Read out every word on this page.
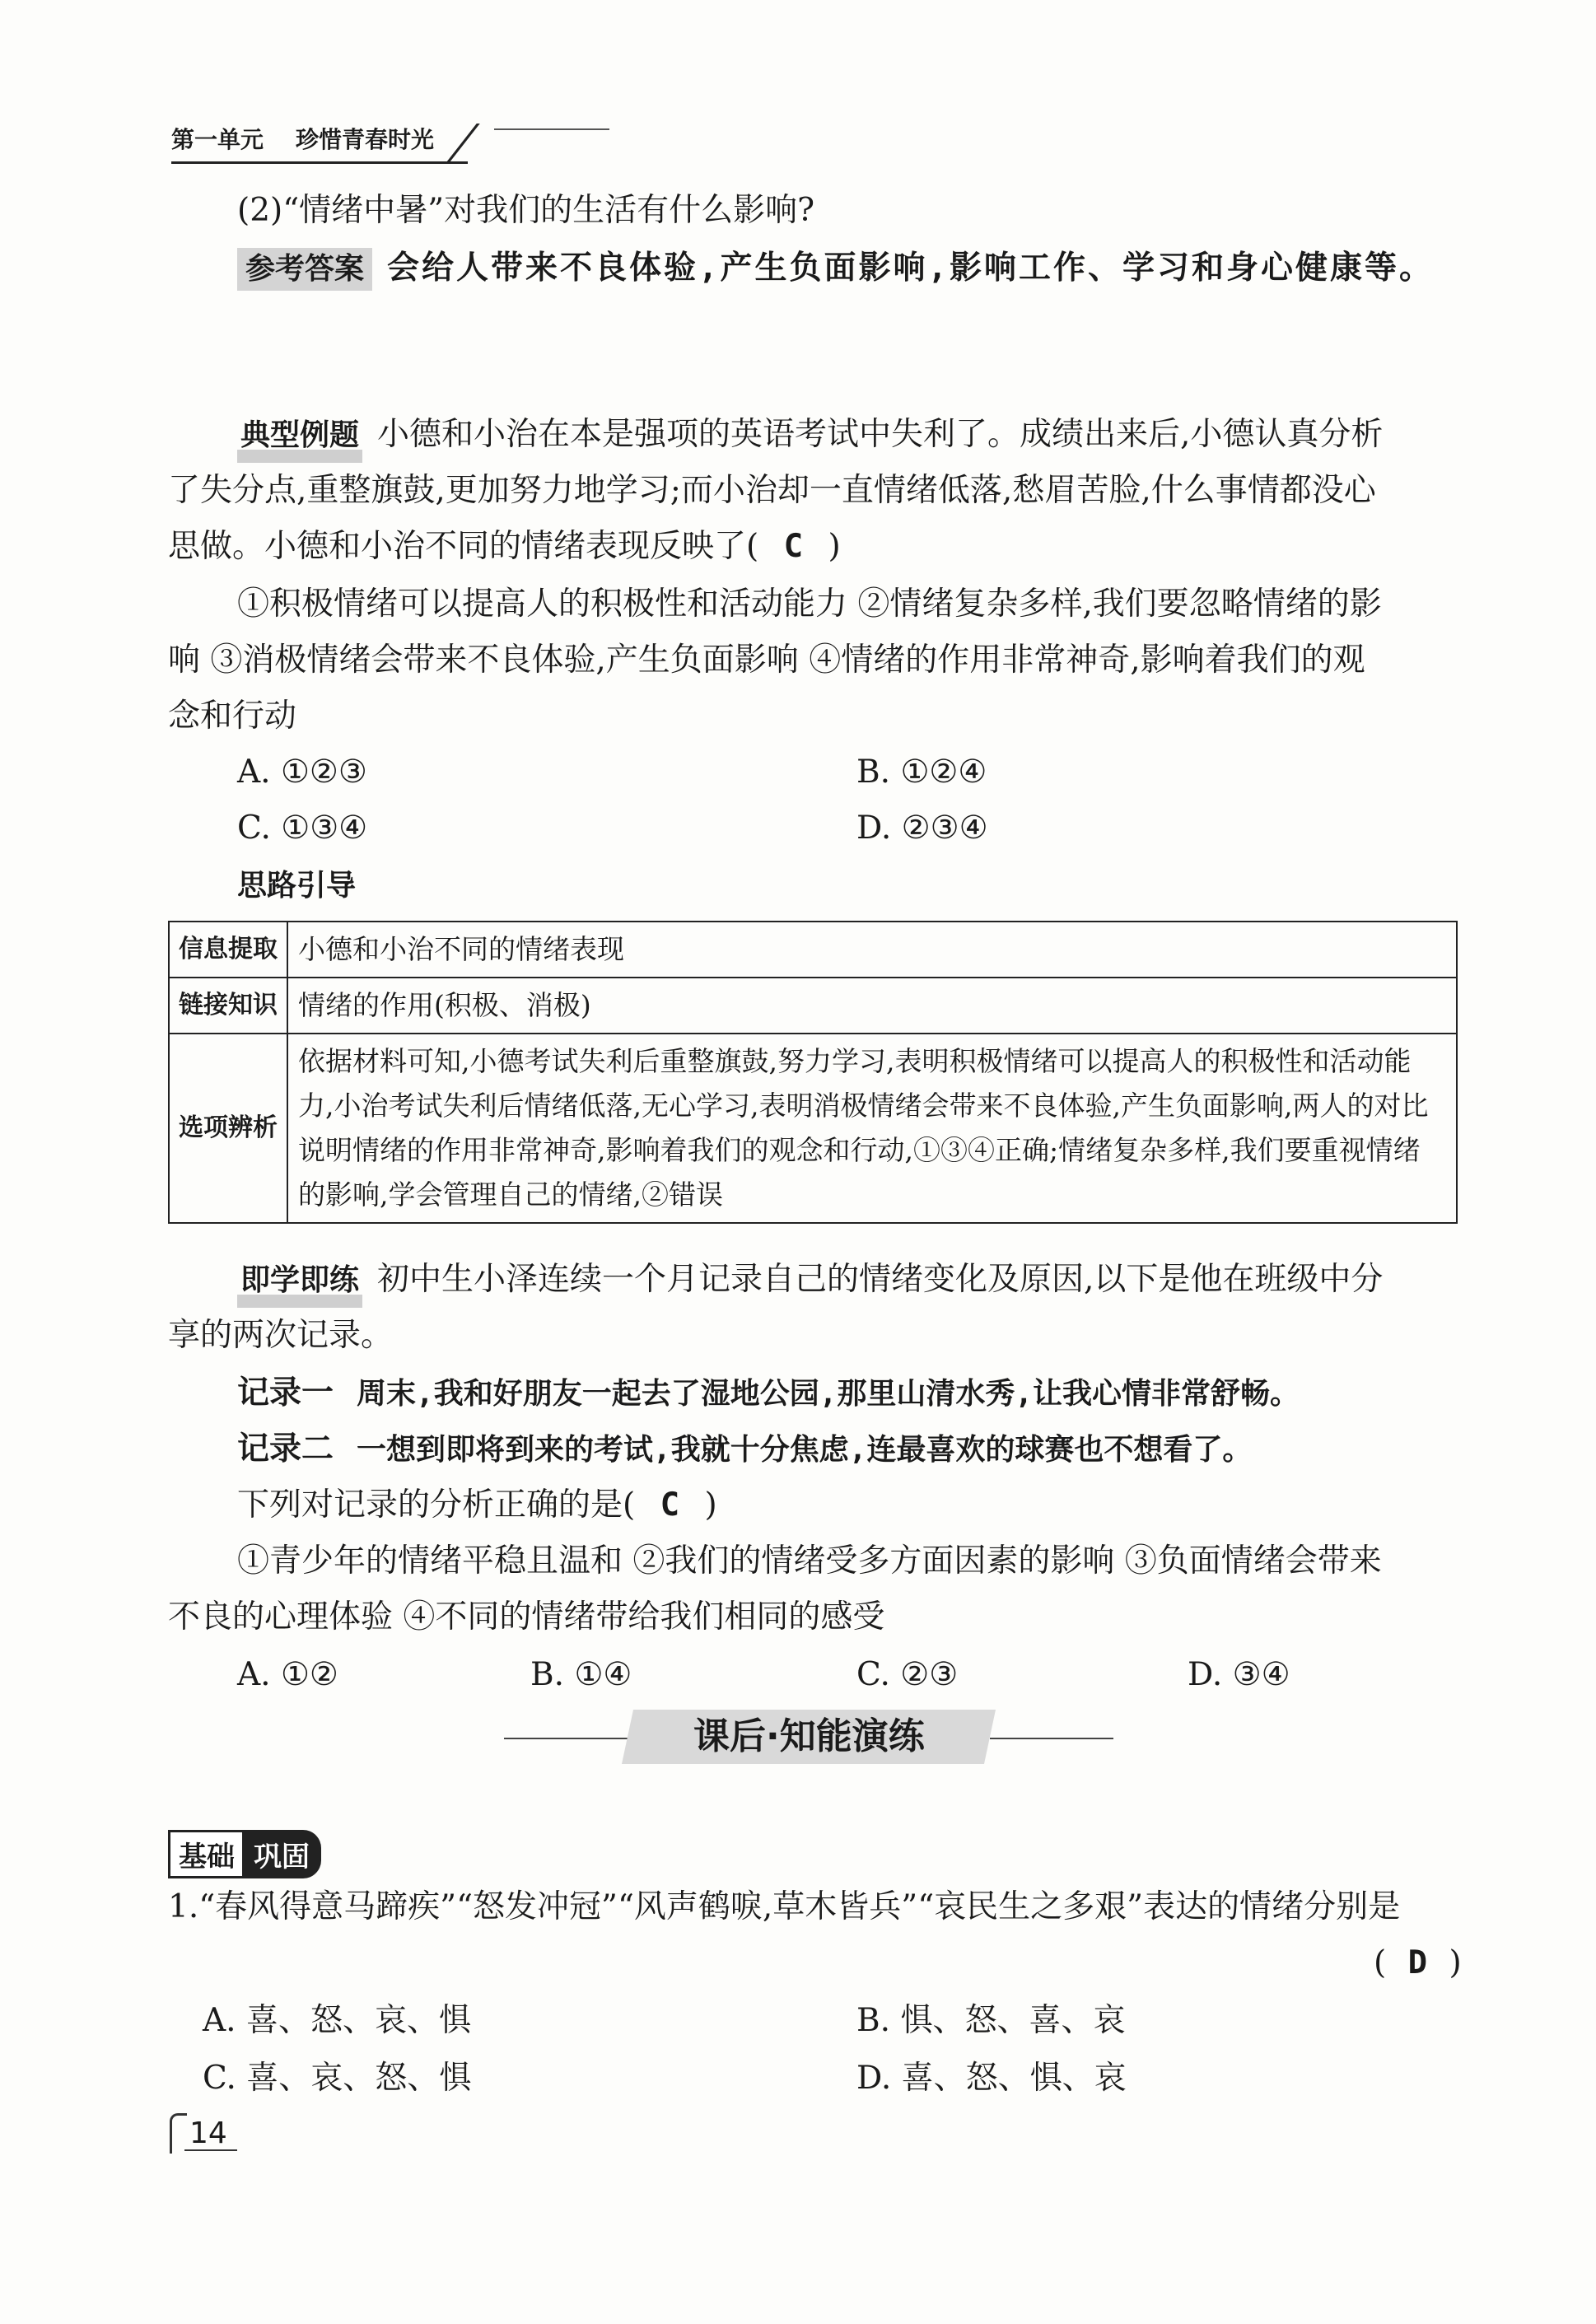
第一单元 珍惜青春时光

(2)“情绪中暑”对我们的生活有什么影响?

参考答案 会给人带来不良体验,产生负面影响,影响工作、学习和身心健康等。
典型例题 小德和小治在本是强项的英语考试中失利了。成绩出来后,小德认真分析

了失分点,重整旗鼓,更加努力地学习;而小治却一直情绪低落,愁眉苦脸,什么事情都没心

思做。小德和小治不同的情绪表现反映了( C )

①积极情绪可以提高人的积极性和活动能力 ②情绪复杂多样,我们要忽略情绪的影

响 ③消极情绪会带来不良体验,产生负面影响 ④情绪的作用非常神奇,影响着我们的观

念和行动

A. ①②③	B. ①②④
C. ①③④	D. ②③④

思路引导

信息提取	小德和小治不同的情绪表现
链接知识	情绪的作用(积极、消极)
选项辨析	依据材料可知,小德考试失利后重整旗鼓,努力学习,表明积极情绪可以提高人的积极性和活动能力,小治考试失利后情绪低落,无心学习,表明消极情绪会带来不良体验,产生负面影响,两人的对比说明情绪的作用非常神奇,影响着我们的观念和行动,①③④正确;情绪复杂多样,我们要重视情绪的影响,学会管理自己的情绪,②错误
即学即练 初中生小泽连续一个月记录自己的情绪变化及原因,以下是他在班级中分

享的两次记录。

记录一 周末,我和好朋友一起去了湿地公园,那里山清水秀,让我心情非常舒畅。
记录二 一想到即将到来的考试,我就十分焦虑,连最喜欢的球赛也不想看了。
下列对记录的分析正确的是( C )

①青少年的情绪平稳且温和 ②我们的情绪受多方面因素的影响 ③负面情绪会带来

不良的心理体验 ④不同的情绪带给我们相同的感受

A. ①②	B. ①④	C. ②③	D. ③④
课后·知能演练
基础 巩固

1.“春风得意马蹄疾”“怒发冲冠”“风声鹤唳,草木皆兵”“哀民生之多艰”表达的情绪分别是

( D )
A. 喜、怒、哀、惧	B. 惧、怒、喜、哀
C. 喜、哀、怒、惧	D. 喜、怒、惧、哀
14
